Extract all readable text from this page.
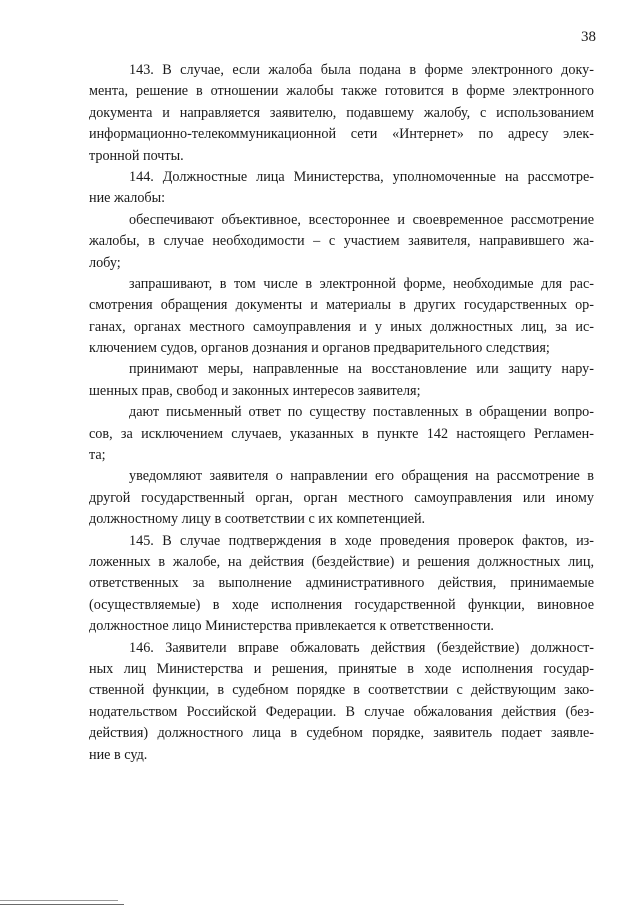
38
143. В случае, если жалоба была подана в форме электронного доку-
мента, решение в отношении жалобы также готовится в форме электронного
документа и направляется заявителю, подавшему жалобу, с использованием
информационно-телекоммуникационной сети «Интернет» по адресу элек-
тронной почты.
144. Должностные лица Министерства, уполномоченные на рассмотре-
ние жалобы:
обеспечивают объективное, всестороннее и своевременное рассмотрение
жалобы, в случае необходимости – с участием заявителя, направившего жа-
лобу;
запрашивают, в том числе в электронной форме, необходимые для рас-
смотрения обращения документы и материалы в других государственных ор-
ганах, органах местного самоуправления и у иных должностных лиц, за ис-
ключением судов, органов дознания и органов предварительного следствия;
принимают меры, направленные на восстановление или защиту нару-
шенных прав, свобод и законных интересов заявителя;
дают письменный ответ по существу поставленных в обращении вопро-
сов, за исключением случаев, указанных в пункте 142 настоящего Регламен-
та;
уведомляют заявителя о направлении его обращения на рассмотрение в
другой государственный орган, орган местного самоуправления или иному
должностному лицу в соответствии с их компетенцией.
145. В случае подтверждения в ходе проведения проверок фактов, из-
ложенных в жалобе, на действия (бездействие) и решения должностных лиц,
ответственных за выполнение административного действия, принимаемые
(осуществляемые) в ходе исполнения государственной функции, виновное
должностное лицо Министерства привлекается к ответственности.
146. Заявители вправе обжаловать действия (бездействие) должност-
ных лиц Министерства и решения, принятые в ходе исполнения государ-
ственной функции, в судебном порядке в соответствии с действующим зако-
нодательством Российской Федерации. В случае обжалования действия (без-
действия) должностного лица в судебном порядке, заявитель подает заявле-
ние в суд.
